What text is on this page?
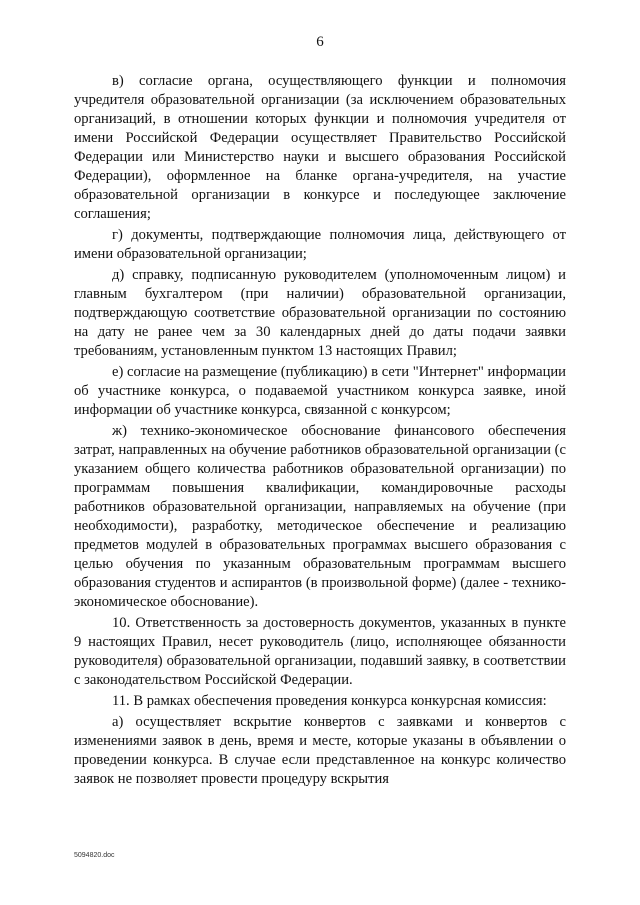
6

в) согласие органа, осуществляющего функции и полномочия учредителя образовательной организации (за исключением образовательных организаций, в отношении которых функции и полномочия учредителя от имени Российской Федерации осуществляет Правительство Российской Федерации или Министерство науки и высшего образования Российской Федерации), оформленное на бланке органа-учредителя, на участие образовательной организации в конкурсе и последующее заключение соглашения;

г) документы, подтверждающие полномочия лица, действующего от имени образовательной организации;

д) справку, подписанную руководителем (уполномоченным лицом) и главным бухгалтером (при наличии) образовательной организации, подтверждающую соответствие образовательной организации по состоянию на дату не ранее чем за 30 календарных дней до даты подачи заявки требованиям, установленным пунктом 13 настоящих Правил;

е) согласие на размещение (публикацию) в сети "Интернет" информации об участнике конкурса, о подаваемой участником конкурса заявке, иной информации об участнике конкурса, связанной с конкурсом;

ж) технико-экономическое обоснование финансового обеспечения затрат, направленных на обучение работников образовательной организации (с указанием общего количества работников образовательной организации) по программам повышения квалификации, командировочные расходы работников образовательной организации, направляемых на обучение (при необходимости), разработку, методическое обеспечение и реализацию предметов модулей в образовательных программах высшего образования с целью обучения по указанным образовательным программам высшего образования студентов и аспирантов (в произвольной форме) (далее - технико-экономическое обоснование).

10. Ответственность за достоверность документов, указанных в пункте 9 настоящих Правил, несет руководитель (лицо, исполняющее обязанности руководителя) образовательной организации, подавший заявку, в соответствии с законодательством Российской Федерации.

11. В рамках обеспечения проведения конкурса конкурсная комиссия:

а) осуществляет вскрытие конвертов с заявками и конвертов с изменениями заявок в день, время и месте, которые указаны в объявлении о проведении конкурса. В случае если представленное на конкурс количество заявок не позволяет провести процедуру вскрытия

5094820.doc
